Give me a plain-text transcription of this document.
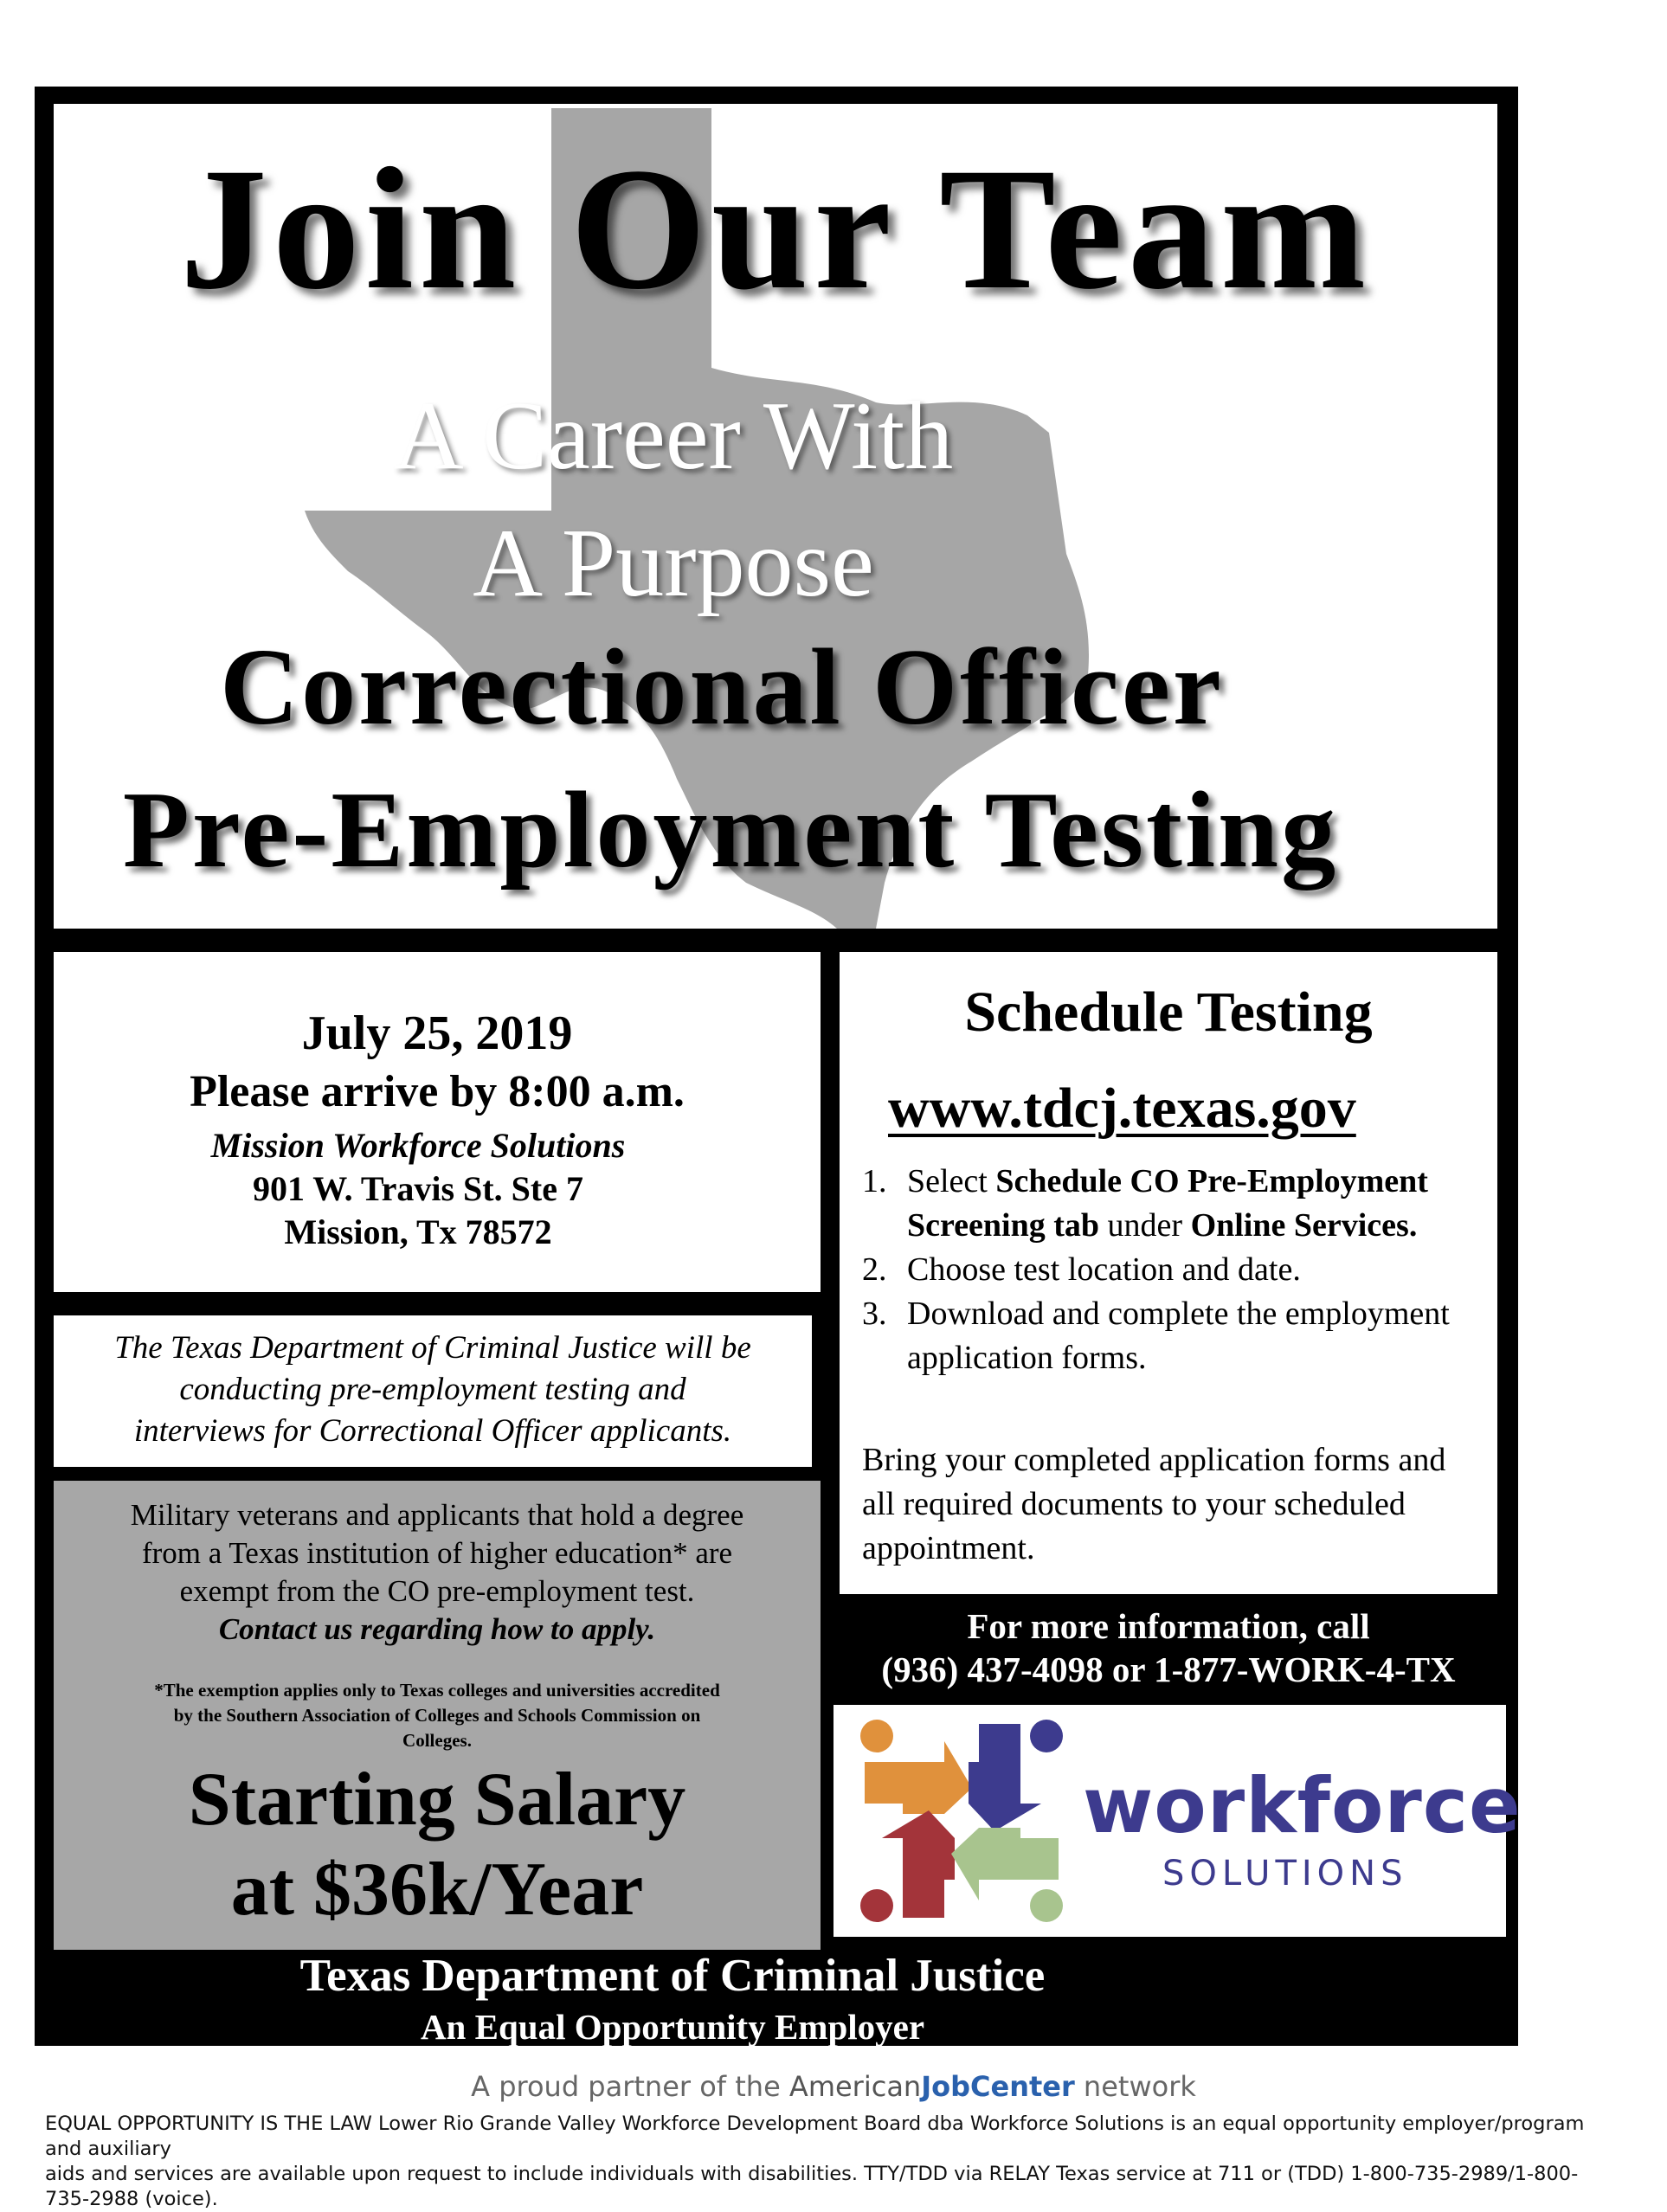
Join Our Team
A Career With
A Purpose
Correctional Officer
Pre-Employment Testing
July 25, 2019
Please arrive by 8:00 a.m.
Mission Workforce Solutions
901 W. Travis St. Ste 7
Mission, Tx 78572
The Texas Department of Criminal Justice will be
conducting pre-employment testing and
interviews for Correctional Officer applicants.
Military veterans and applicants that hold a degree
from a Texas institution of higher education* are
exempt from the CO pre-employment test.
Contact us regarding how to apply.
*The exemption applies only to Texas colleges and universities accredited
by the Southern Association of Colleges and Schools Commission on
Colleges.
Starting Salary
at $36k/Year
Schedule Testing
www.tdcj.texas.gov
1. Select Schedule CO Pre-Employment Screening tab under Online Services.
2. Choose test location and date.
3. Download and complete the employment application forms.
Bring your completed application forms and all required documents to your scheduled appointment.
For more information, call
(936) 437-4098 or 1-877-WORK-4-TX
workforce
SOLUTIONS
Texas Department of Criminal Justice
An Equal Opportunity Employer
A proud partner of the AmericanJobCenter network
EQUAL OPPORTUNITY IS THE LAW Lower Rio Grande Valley Workforce Development Board dba Workforce Solutions is an equal opportunity employer/program and auxiliary
aids and services are available upon request to include individuals with disabilities. TTY/TDD via RELAY Texas service at 711 or (TDD) 1-800-735-2989/1-800-735-2988 (voice).
